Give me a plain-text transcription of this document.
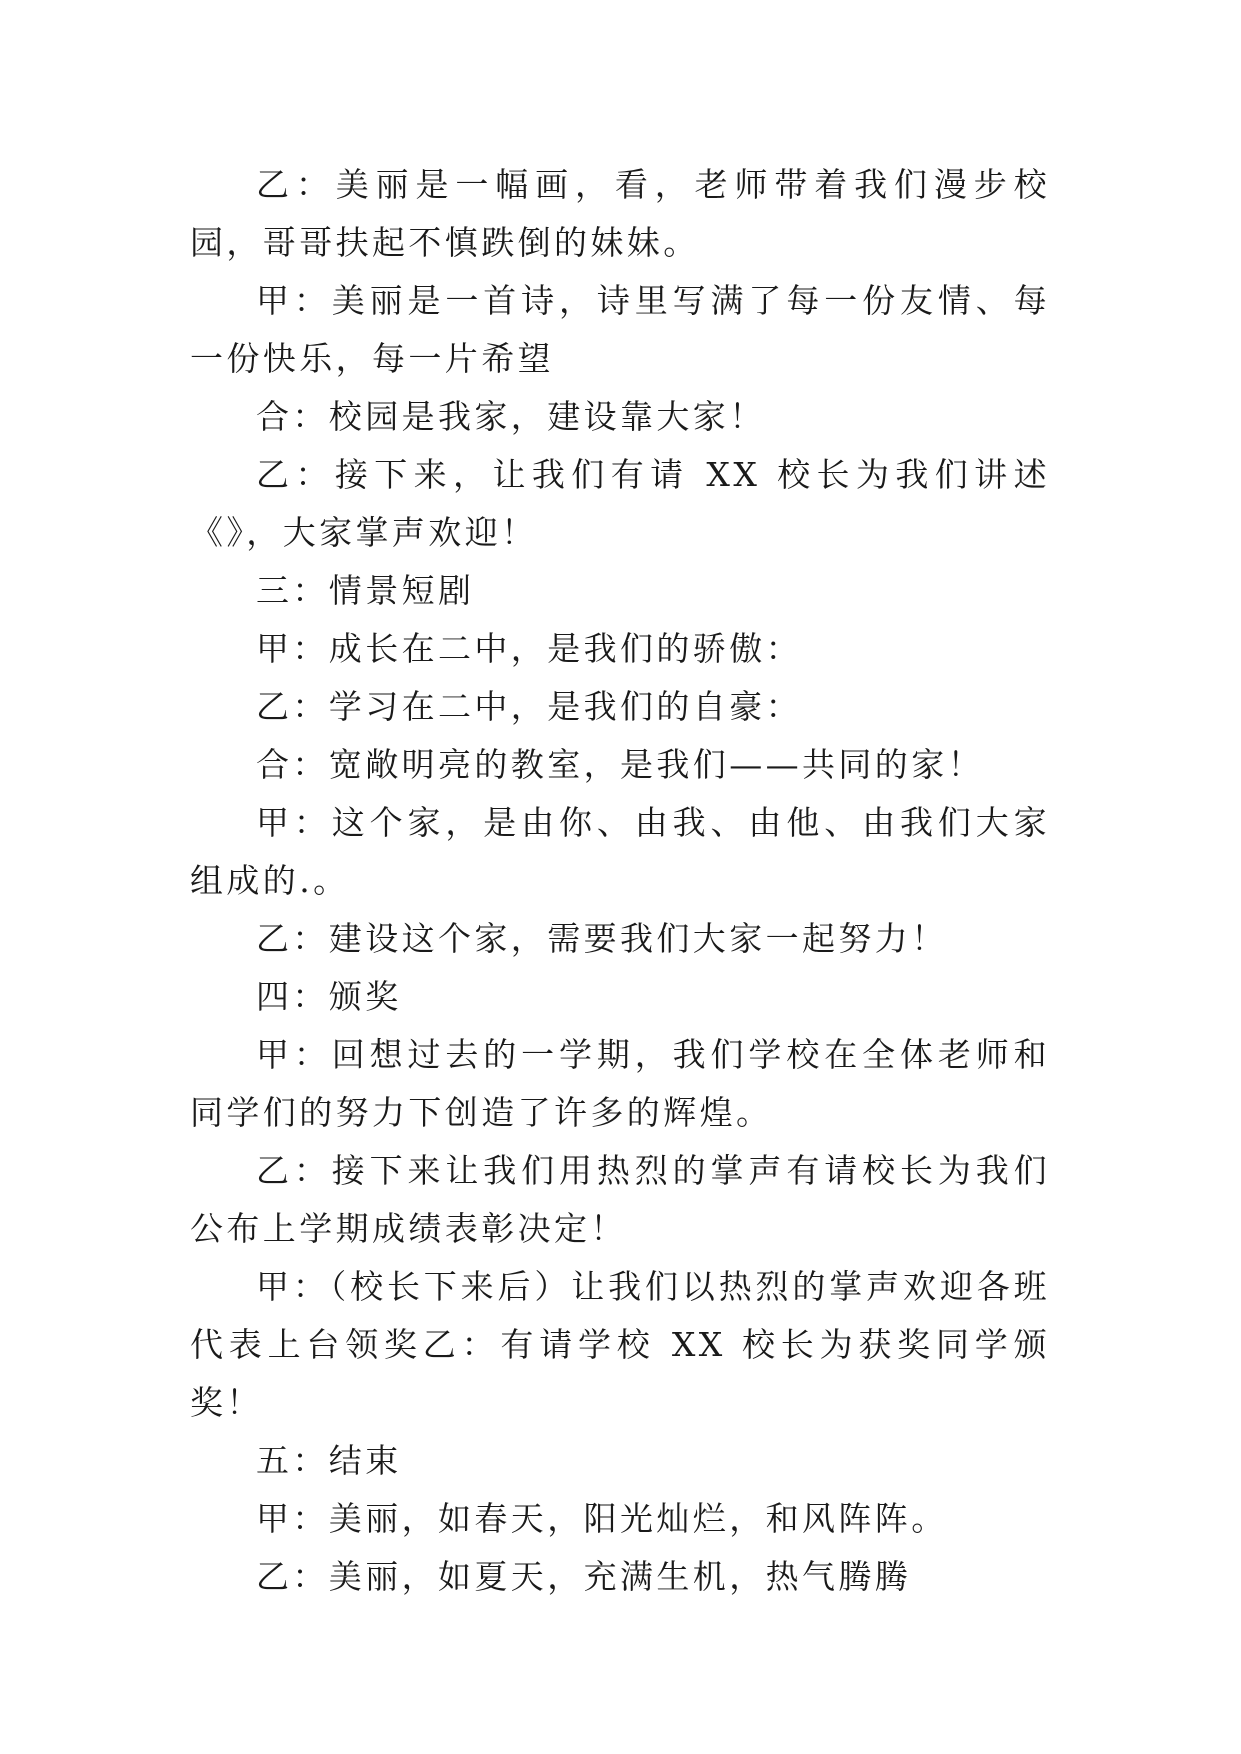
乙：美丽是一幅画，看，老师带着我们漫步校园，哥哥扶起不慎跌倒的妹妹。

甲：美丽是一首诗，诗里写满了每一份友情、每一份快乐，每一片希望

合：校园是我家，建设靠大家！

乙：接下来，让我们有请 XX 校长为我们讲述《》，大家掌声欢迎！

三：情景短剧

甲：成长在二中，是我们的骄傲：

乙：学习在二中，是我们的自豪：

合：宽敞明亮的教室，是我们——共同的家！

甲：这个家，是由你、由我、由他、由我们大家组成的.。

乙：建设这个家，需要我们大家一起努力！

四：颁奖

甲：回想过去的一学期，我们学校在全体老师和同学们的努力下创造了许多的辉煌。

乙：接下来让我们用热烈的掌声有请校长为我们公布上学期成绩表彰决定！

甲：（校长下来后）让我们以热烈的掌声欢迎各班代表上台领奖乙：有请学校 XX 校长为获奖同学颁奖！

五：结束

甲：美丽，如春天，阳光灿烂，和风阵阵。

乙：美丽，如夏天，充满生机，热气腾腾
